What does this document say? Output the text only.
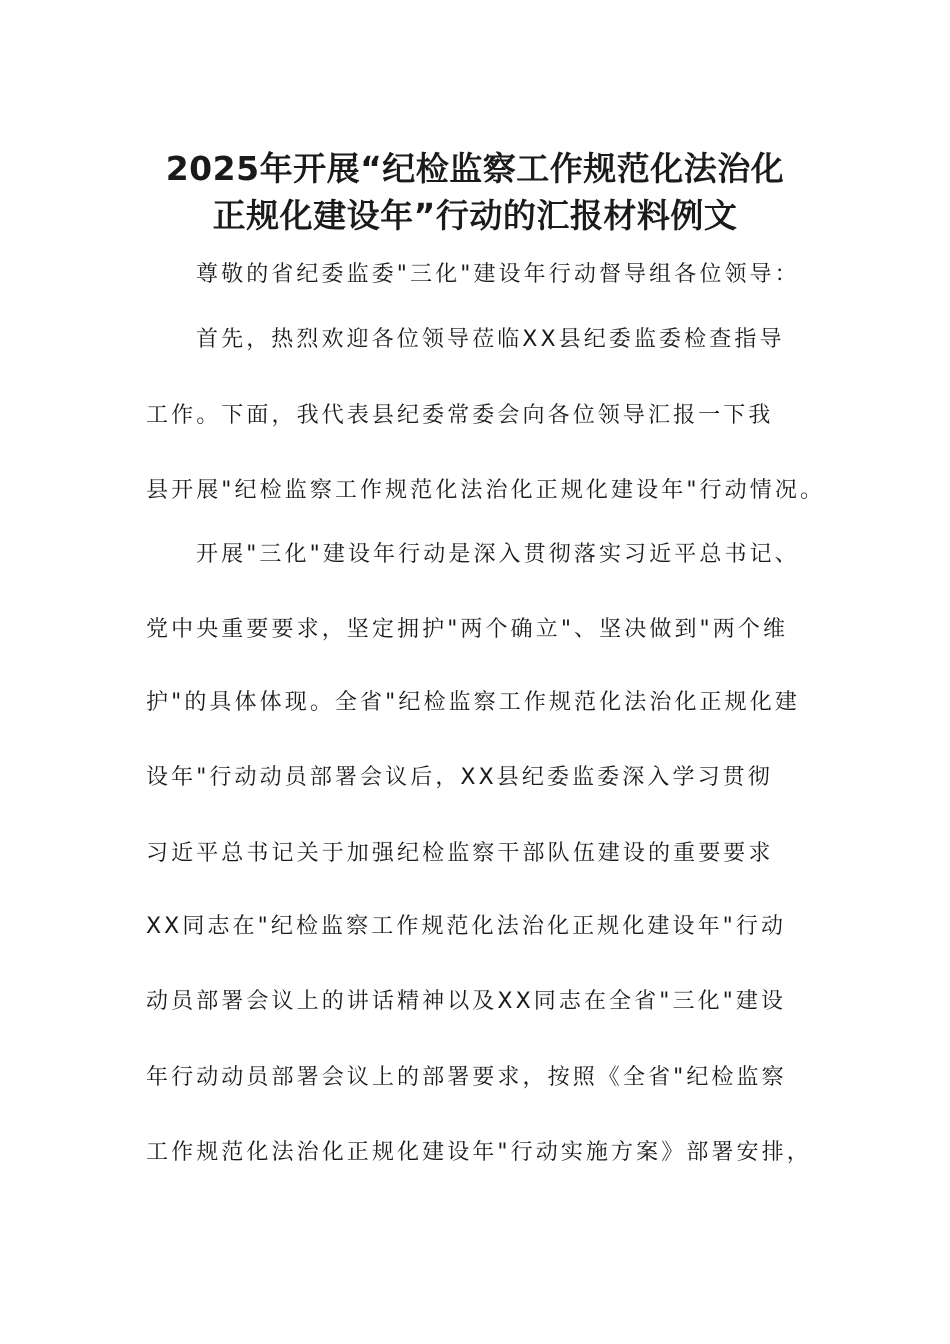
2025年开展“纪检监察工作规范化法治化
正规化建设年”行动的汇报材料例文

尊敬的省纪委监委"三化"建设年行动督导组各位领导：

首先，热烈欢迎各位领导莅临XX县纪委监委检查指导

工作。下面，我代表县纪委常委会向各位领导汇报一下我

县开展"纪检监察工作规范化法治化正规化建设年"行动情况。

开展"三化"建设年行动是深入贯彻落实习近平总书记、

党中央重要要求，坚定拥护"两个确立"、坚决做到"两个维

护"的具体体现。全省"纪检监察工作规范化法治化正规化建

设年"行动动员部署会议后，XX县纪委监委深入学习贯彻

习近平总书记关于加强纪检监察干部队伍建设的重要要求

XX同志在"纪检监察工作规范化法治化正规化建设年"行动

动员部署会议上的讲话精神以及XX同志在全省"三化"建设

年行动动员部署会议上的部署要求，按照《全省"纪检监察

工作规范化法治化正规化建设年"行动实施方案》部署安排，
